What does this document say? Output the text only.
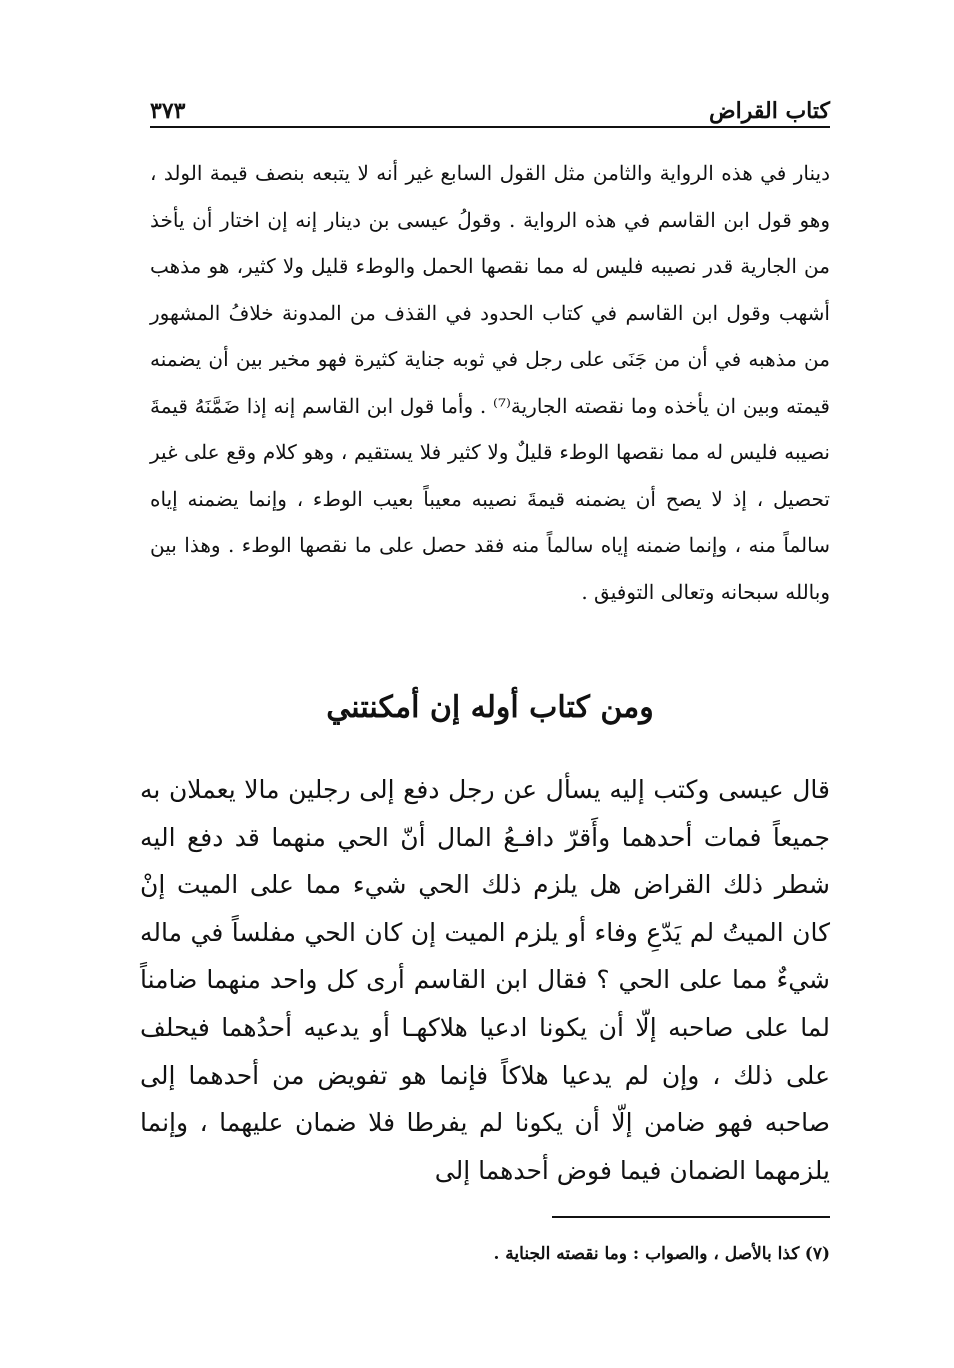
كتاب القراض
٣٧٣

دينار في هذه الرواية والثامن مثل القول السابع غير أنه لا يتبعه بنصف قيمة الولد ، وهو قول ابن القاسم في هذه الرواية . وقولُ عيسى بن دينار إنه إن اختار أن يأخذ من الجارية قدر نصيبه فليس له مما نقصها الحمل والوطء قليل ولا كثير، هو مذهب أشهب وقول ابن القاسم في كتاب الحدود في القذف من المدونة خلافُ المشهور من مذهبه في أن من جَنَى على رجل في ثوبه جناية كثيرة فهو مخير بين أن يضمنه قيمته وبين ان يأخذه وما نقصته الجارية⁽⁷⁾ . وأما قول ابن القاسم إنه إذا ضَمَّنَهُ قيمةَ نصيبه فليس له مما نقصها الوطء قليلٌ ولا كثير فلا يستقيم ، وهو كلام وقع على غير تحصيل ، إذ لا يصح أن يضمنه قيمةَ نصيبه معيباً بعيب الوطء ، وإنما يضمنه إياه سالماً منه ، وإنما ضمنه إياه سالماً منه فقد حصل على ما نقصها الوطء . وهذا بين وبالله سبحانه وتعالى التوفيق .

ومن كتاب أوله إن أمكنتني

قال عيسى وكتب إليه يسأل عن رجل دفع إلى رجلين مالا يعملان به جميعاً فمات أحدهما وأَقرّ دافـعُ المال أنّ الحي منهما قد دفع اليه شطر ذلك القراض هل يلزم ذلك الحي شيء مما على الميت إنْ كان الميتُ لم يَدّعِ وفاء أو يلزم الميت إن كان الحي مفلساً في ماله شيءٌ مما على الحي ؟ فقال ابن القاسم أرى كل واحد منهما ضامناً لما على صاحبه إلّا أن يكونا ادعيا هلاكهـا أو يدعيه أحدُهما فيحلف على ذلك ، وإن لم يدعيا هلاكاً فإنما هو تفويض من أحدهما إلى صاحبه فهو ضامن إلّا أن يكونا لم يفرطا فلا ضمان عليهما ، وإنما يلزمهما الضمان فيما فوض أحدهما إلى

(٧) كذا بالأصل ، والصواب : وما نقصته الجناية .
